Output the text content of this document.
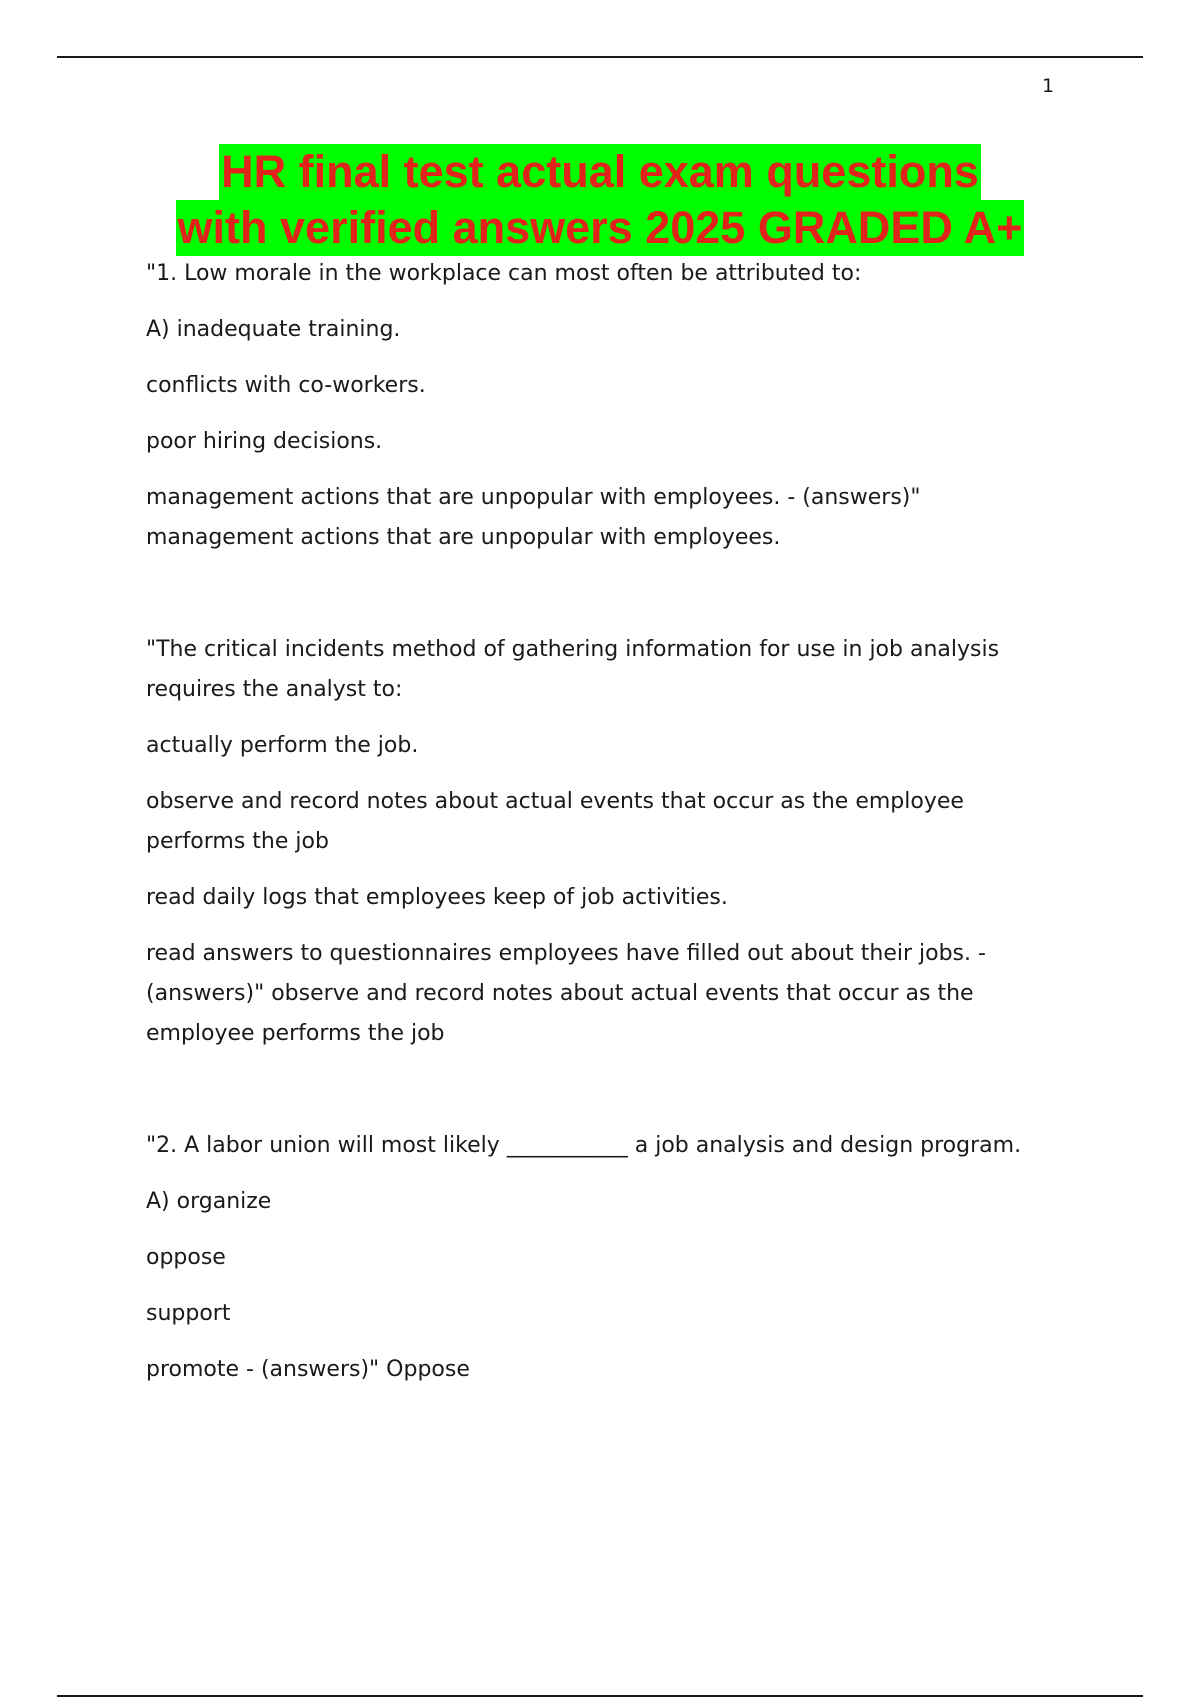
1
HR final test actual exam questions
with verified answers 2025 GRADED A+

"1. Low morale in the workplace can most often be attributed to:

A) inadequate training.

conflicts with co-workers.

poor hiring decisions.

management actions that are unpopular with employees. - (answers)" management actions that are unpopular with employees.

"The critical incidents method of gathering information for use in job analysis requires the analyst to:

actually perform the job.

observe and record notes about actual events that occur as the employee performs the job

read daily logs that employees keep of job activities.

read answers to questionnaires employees have filled out about their jobs. - (answers)" observe and record notes about actual events that occur as the employee performs the job

"2. A labor union will most likely ___________ a job analysis and design program.

A) organize

oppose

support

promote - (answers)" Oppose
